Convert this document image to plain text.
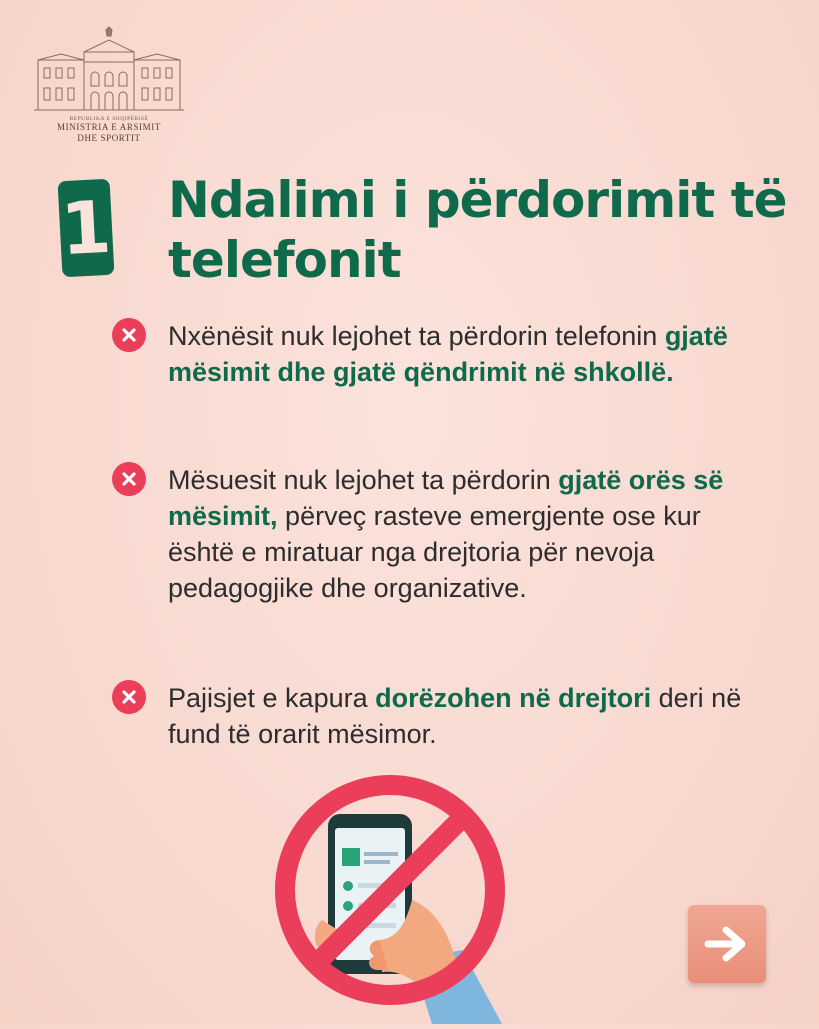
REPUBLIKA E SHQIPËRISË
MINISTRIA E ARSIMIT
DHE SPORTIT
1 Ndalimi i përdorimit të telefonit
Nxënësit nuk lejohet ta përdorin telefonin gjatë mësimit dhe gjatë qëndrimit në shkollë.
Mësuesit nuk lejohet ta përdorin gjatë orës së mësimit, përveç rasteve emergjente ose kur është e miratuar nga drejtoria për nevoja pedagogjike dhe organizative.
Pajisjet e kapura dorëzohen në drejtori deri në fund të orarit mësimor.
